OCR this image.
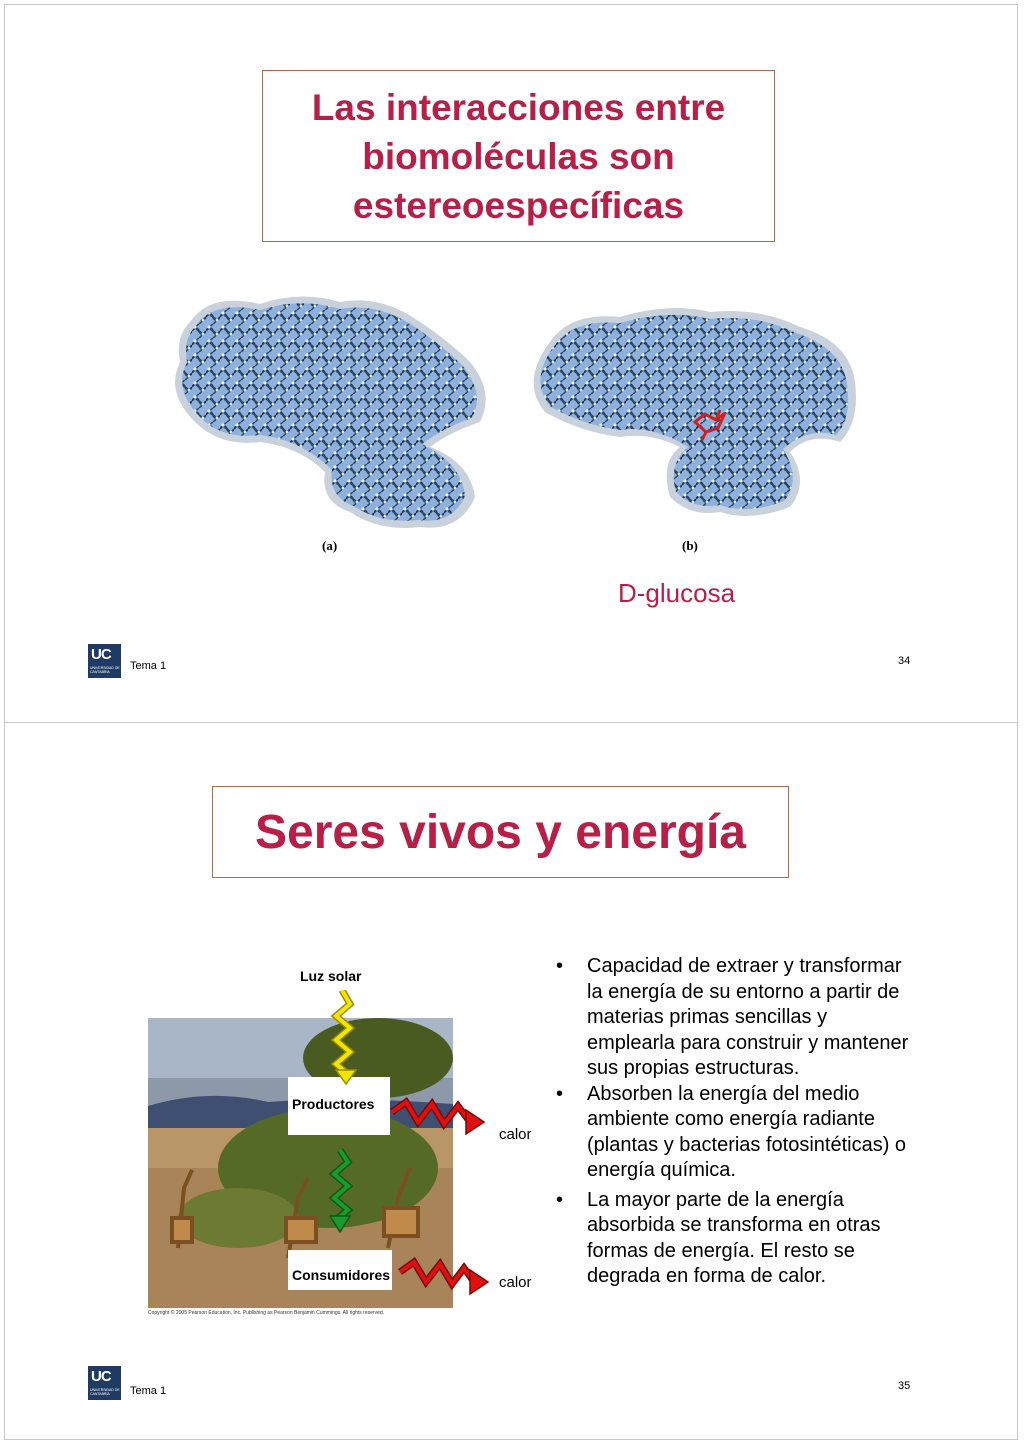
Las interacciones entre biomoléculas son estereoespecíficas
(a)	(b)
D-glucosa
UC
UNIVERSIDAD DE CANTABRIA	Tema 1	34
Seres vivos y energía
Copyright © 2005 Pearson Education, Inc. Publishing as Pearson Benjamin Cummings. All rights reserved.
Productores
Consumidores
Luz solar
calor
calor
• Capacidad de extraer y transformar la energía de su entorno a partir de materias primas sencillas y emplearla para construir y mantener sus propias estructuras.
• Absorben la energía del medio ambiente como energía radiante (plantas y bacterias fotosintéticas) o energía química.
• La mayor parte de la energía absorbida se transforma en otras formas de energía. El resto se degrada en forma de calor.
UC
UNIVERSIDAD DE CANTABRIA	Tema 1	35
